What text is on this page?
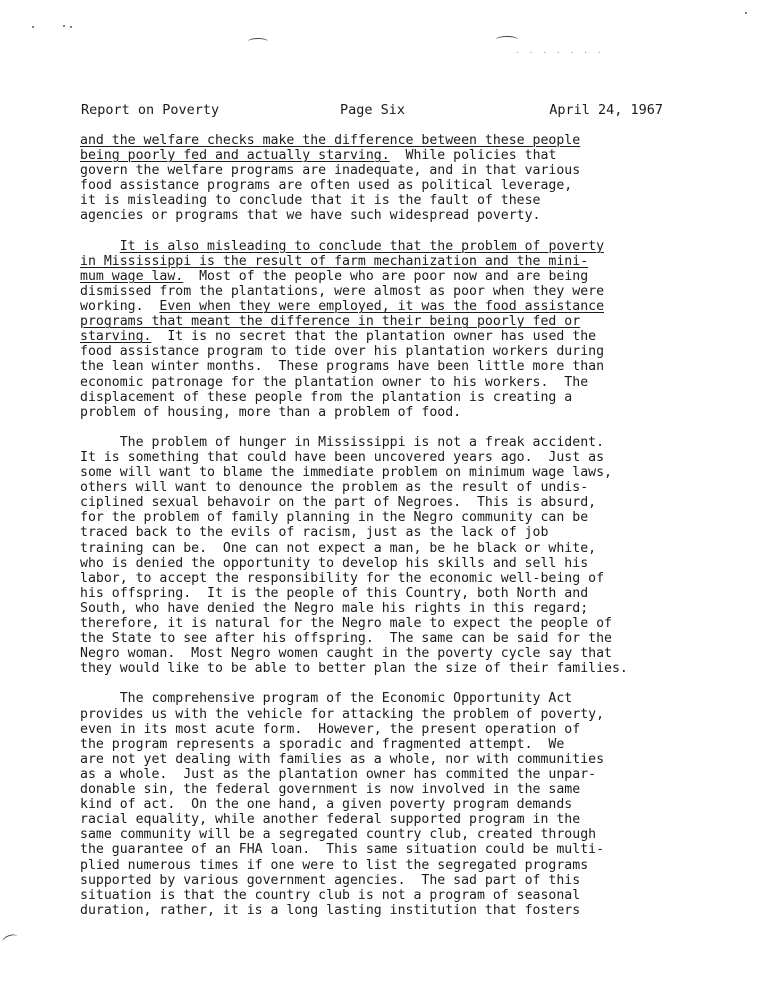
. . . . . . .
Report on Poverty	Page Six	April 24, 1967
and the welfare checks make the difference between these people
being poorly fed and actually starving.  While policies that
govern the welfare programs are inadequate, and in that various
food assistance programs are often used as political leverage,
it is misleading to conclude that it is the fault of these
agencies or programs that we have such widespread poverty.
It is also misleading to conclude that the problem of poverty
in Mississippi is the result of farm mechanization and the mini-
mum wage law.  Most of the people who are poor now and are being
dismissed from the plantations, were almost as poor when they were
working.  Even when they were employed, it was the food assistance
programs that meant the difference in their being poorly fed or
starving.  It is no secret that the plantation owner has used the
food assistance program to tide over his plantation workers during
the lean winter months.  These programs have been little more than
economic patronage for the plantation owner to his workers.  The
displacement of these people from the plantation is creating a
problem of housing, more than a problem of food.
The problem of hunger in Mississippi is not a freak accident.
It is something that could have been uncovered years ago.  Just as
some will want to blame the immediate problem on minimum wage laws,
others will want to denounce the problem as the result of undis-
ciplined sexual behavoir on the part of Negroes.  This is absurd,
for the problem of family planning in the Negro community can be
traced back to the evils of racism, just as the lack of job
training can be.  One can not expect a man, be he black or white,
who is denied the opportunity to develop his skills and sell his
labor, to accept the responsibility for the economic well-being of
his offspring.  It is the people of this Country, both North and
South, who have denied the Negro male his rights in this regard;
therefore, it is natural for the Negro male to expect the people of
the State to see after his offspring.  The same can be said for the
Negro woman.  Most Negro women caught in the poverty cycle say that
they would like to be able to better plan the size of their families.
The comprehensive program of the Economic Opportunity Act
provides us with the vehicle for attacking the problem of poverty,
even in its most acute form.  However, the present operation of
the program represents a sporadic and fragmented attempt.  We
are not yet dealing with families as a whole, nor with communities
as a whole.  Just as the plantation owner has commited the unpar-
donable sin, the federal government is now involved in the same
kind of act.  On the one hand, a given poverty program demands
racial equality, while another federal supported program in the
same community will be a segregated country club, created through
the guarantee of an FHA loan.  This same situation could be multi-
plied numerous times if one were to list the segregated programs
supported by various government agencies.  The sad part of this
situation is that the country club is not a program of seasonal
duration, rather, it is a long lasting institution that fosters
